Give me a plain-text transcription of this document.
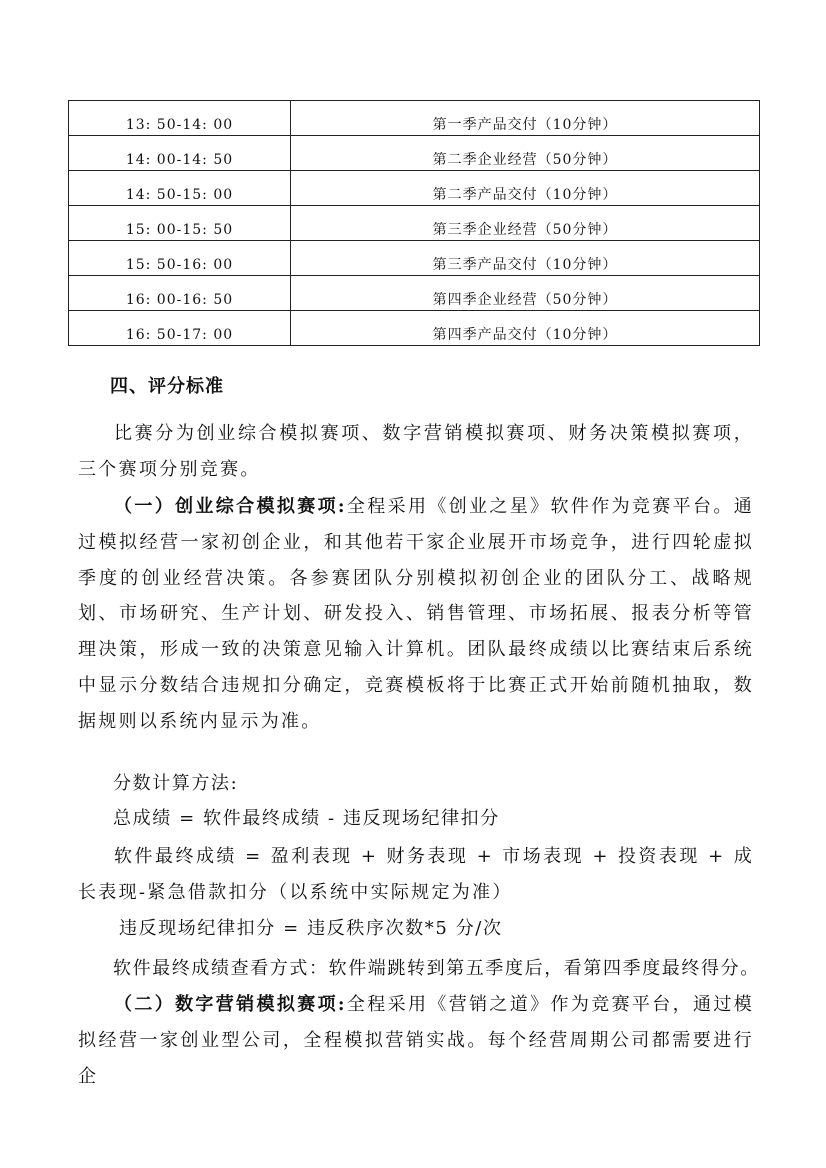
13: 50-14: 00	第一季产品交付（10分钟）
14: 00-14: 50	第二季企业经营（50分钟）
14: 50-15: 00	第二季产品交付（10分钟）
15: 00-15: 50	第三季企业经营（50分钟）
15: 50-16: 00	第三季产品交付（10分钟）
16: 00-16: 50	第四季企业经营（50分钟）
16: 50-17: 00	第四季产品交付（10分钟）
四、评分标准

比赛分为创业综合模拟赛项、数字营销模拟赛项、财务决策模拟赛项，三个赛项分别竞赛。

（一）创业综合模拟赛项:全程采用《创业之星》软件作为竞赛平台。通过模拟经营一家初创企业，和其他若干家企业展开市场竞争，进行四轮虚拟季度的创业经营决策。各参赛团队分别模拟初创企业的团队分工、战略规划、市场研究、生产计划、研发投入、销售管理、市场拓展、报表分析等管理决策，形成一致的决策意见输入计算机。团队最终成绩以比赛结束后系统中显示分数结合违规扣分确定，竞赛模板将于比赛正式开始前随机抽取，数据规则以系统内显示为准。

分数计算方法:
总成绩 = 软件最终成绩 - 违反现场纪律扣分

软件最终成绩 = 盈利表现 + 财务表现 + 市场表现 + 投资表现 + 成长表现-紧急借款扣分（以系统中实际规定为准）

违反现场纪律扣分 = 违反秩序次数*5 分/次
软件最终成绩查看方式：软件端跳转到第五季度后，看第四季度最终得分。

（二）数字营销模拟赛项:全程采用《营销之道》作为竞赛平台，通过模拟经营一家创业型公司，全程模拟营销实战。每个经营周期公司都需要进行企
